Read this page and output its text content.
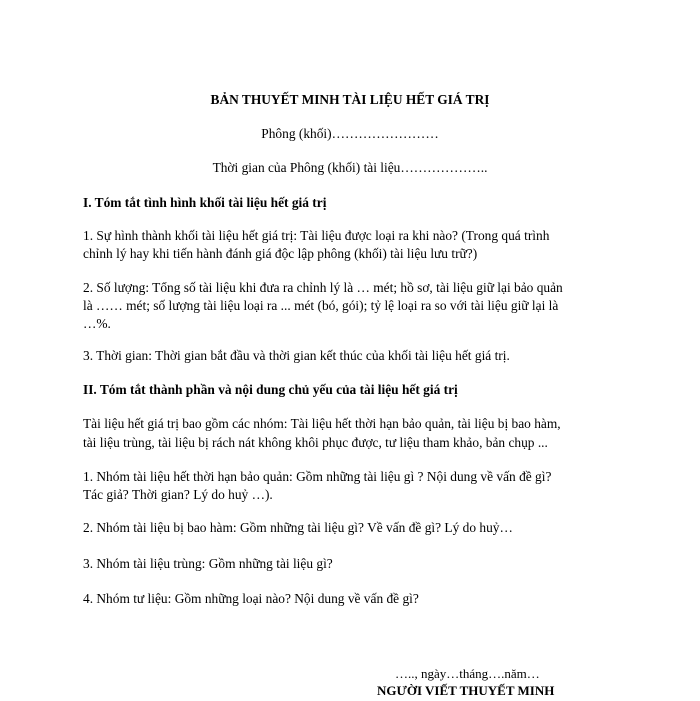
BẢN THUYẾT MINH TÀI LIỆU HẾT GIÁ TRỊ

Phông (khối)……………………

Thời gian của Phông (khối) tài liệu………………..

I. Tóm tắt tình hình khối tài liệu hết giá trị

1. Sự hình thành khối tài liệu hết giá trị: Tài liệu được loại ra khi nào? (Trong quá trình

chỉnh lý hay khi tiến hành đánh giá độc lập phông (khối) tài liệu lưu trữ?)

2. Số lượng: Tổng số tài liệu khi đưa ra chỉnh lý là … mét; hồ sơ, tài liệu giữ lại bảo quản

là …… mét; số lượng tài liệu loại ra ... mét (bó, gói); tỷ lệ loại ra so với tài liệu giữ lại là

…%.

3. Thời gian: Thời gian bắt đầu và thời gian kết thúc của khối tài liệu hết giá trị.

II. Tóm tắt thành phần và nội dung chủ yếu của tài liệu hết giá trị

Tài liệu hết giá trị bao gồm các nhóm: Tài liệu hết thời hạn bảo quản, tài liệu bị bao hàm,

tài liệu trùng, tài liệu bị rách nát không khôi phục được, tư liệu tham khảo, bản chụp ...

1. Nhóm tài liệu hết thời hạn bảo quản: Gồm những tài liệu gì ? Nội dung về vấn đề gì?

Tác giả? Thời gian? Lý do huỷ …).

2. Nhóm tài liệu bị bao hàm: Gồm những tài liệu gì? Về vấn đề gì? Lý do huỷ…

3. Nhóm tài liệu trùng: Gồm những tài liệu gì?

4. Nhóm tư liệu: Gồm những loại nào? Nội dung về vấn đề gì?

….., ngày…tháng….năm…
NGƯỜI VIẾT THUYẾT MINH
